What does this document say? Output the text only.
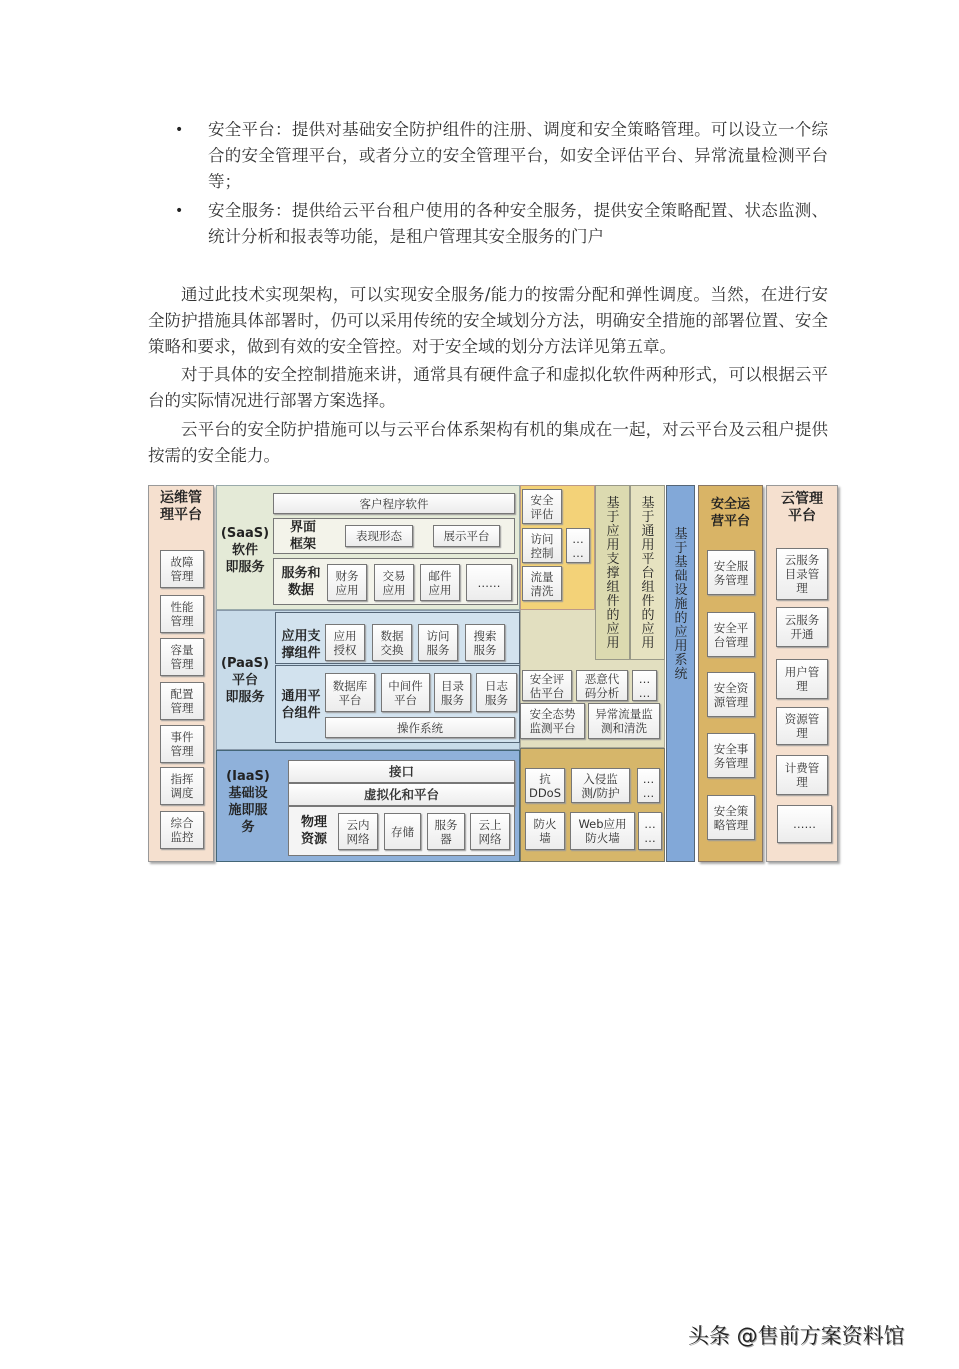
• 安全平台：提供对基础安全防护组件的注册、调度和安全策略管理。可以设立一个综合的安全管理平台，或者分立的安全管理平台，如安全评估平台、异常流量检测平台等；
• 安全服务：提供给云平台租户使用的各种安全服务，提供安全策略配置、状态监测、统计分析和报表等功能，是租户管理其安全服务的门户
通过此技术实现架构，可以实现安全服务/能力的按需分配和弹性调度。当然，在进行安全防护措施具体部署时，仍可以采用传统的安全域划分方法，明确安全措施的部署位置、安全策略和要求，做到有效的安全管控。对于安全域的划分方法详见第五章。
对于具体的安全控制措施来讲，通常具有硬件盒子和虚拟化软件两种形式，可以根据云平台的实际情况进行部署方案选择。
云平台的安全防护措施可以与云平台体系架构有机的集成在一起，对云平台及云租户提供按需的安全能力。
运维管
理平台
故障
管理
性能
管理
容量
管理
配置
管理
事件
管理
指挥
调度
综合
监控
(SaaS)
软件
即服务
客户程序软件
界面
框架
表现形态	展示平台
服务和
数据
财务
应用
交易
应用
邮件
应用	……
(PaaS)
平台
即服务
应用支
撑组件
应用
授权
数据
交换
访问
服务
搜索
服务
通用平
台组件
数据库
平台
中间件
平台
目录
服务
日志
服务
操作系统
(IaaS)
基础设
施即服
务
接口
虚拟化和平台
物理
资源
云内
网络	存储	服务
器
云上
网络
安全
评估
访问
控制
流量
清洗
…
…
基于应用支撑组件的应用
基于通用平台组件的应用
安全评
估平台
恶意代
码分析
…
…
安全态势
监测平台
异常流量监
测和清洗
抗
DDoS
入侵监
测/防护
…
…
防火
墙
Web应用
防火墙
…
…
基于基础设施的应用系统
安全运
营平台
安全服
务管理
安全平
台管理
安全资
源管理
安全事
务管理
安全策
略管理
云管理
平台
云服务
目录管
理
云服务
开通
用户管
理
资源管
理
计费管
理
……
头条 @售前方案资料馆
